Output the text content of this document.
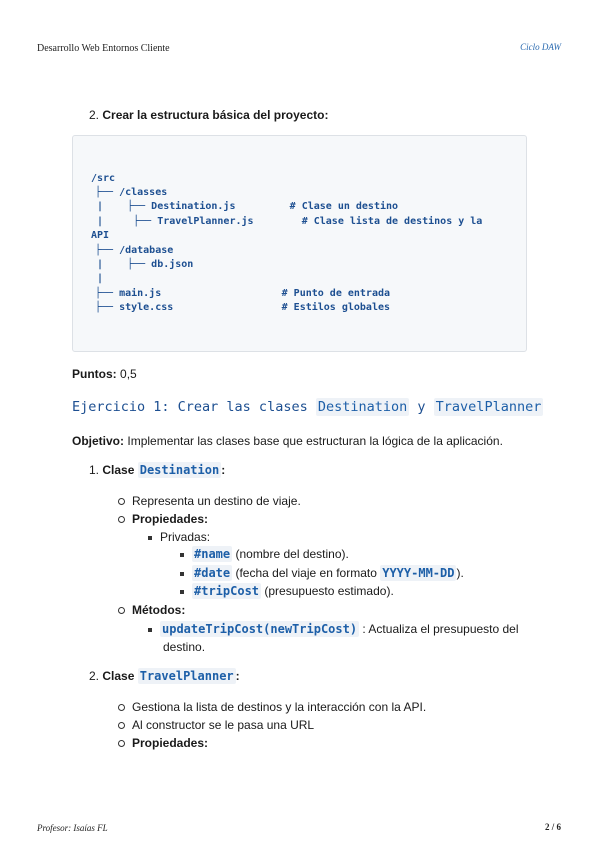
Desarrollo Web Entornos Cliente	Ciclo DAW
2. Crear la estructura básica del proyecto:
/src
├── /classes
|    ├── Destination.js         # Clase un destino
|     ├── TravelPlanner.js        # Clase lista de destinos y la
API
├── /database
|    ├── db.json
|
├── main.js                    # Punto de entrada
├── style.css                  # Estilos globales
Puntos: 0,5
Ejercicio 1: Crear las clases Destination y TravelPlanner
Objetivo: Implementar las clases base que estructuran la lógica de la aplicación.
1. Clase Destination :
Representa un destino de viaje.
Propiedades:
Privadas:
#name (nombre del destino).
#date (fecha del viaje en formato YYYY-MM-DD ).
#tripCost (presupuesto estimado).
Métodos:
updateTripCost(newTripCost) : Actualiza el presupuesto del
destino.
2. Clase TravelPlanner :
Gestiona la lista de destinos y la interacción con la API.
Al constructor se le pasa una URL
Propiedades:
Profesor: Isaías FL	2 / 6
